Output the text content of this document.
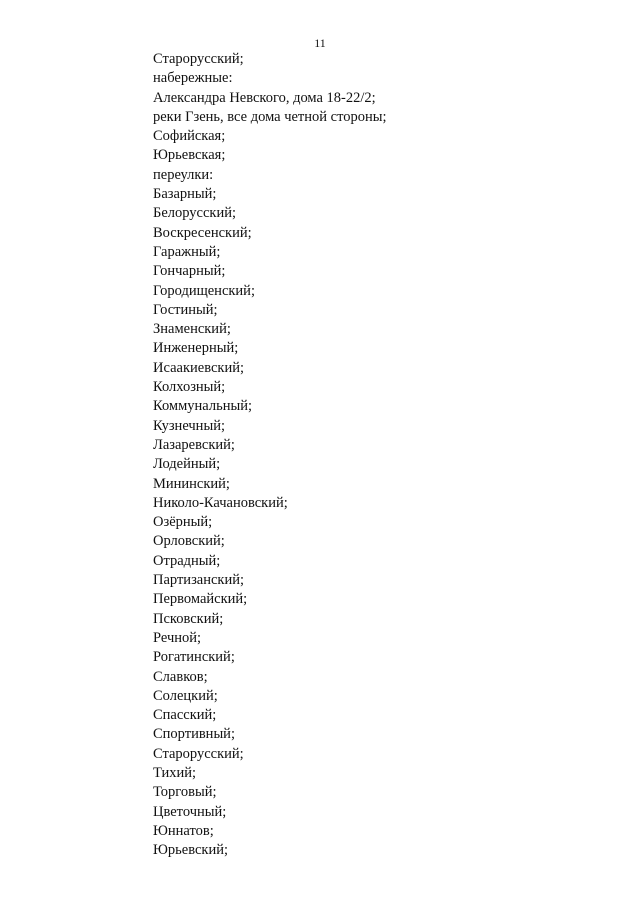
11
Старорусский;
набережные:
Александра Невского, дома 18-22/2;
реки Гзень, все дома четной стороны;
Софийская;
Юрьевская;
переулки:
Базарный;
Белорусский;
Воскресенский;
Гаражный;
Гончарный;
Городищенский;
Гостиный;
Знаменский;
Инженерный;
Исаакиевский;
Колхозный;
Коммунальный;
Кузнечный;
Лазаревский;
Лодейный;
Мининский;
Николо-Качановский;
Озёрный;
Орловский;
Отрадный;
Партизанский;
Первомайский;
Псковский;
Речной;
Рогатинский;
Славков;
Солецкий;
Спасский;
Спортивный;
Старорусский;
Тихий;
Торговый;
Цветочный;
Юннатов;
Юрьевский;
